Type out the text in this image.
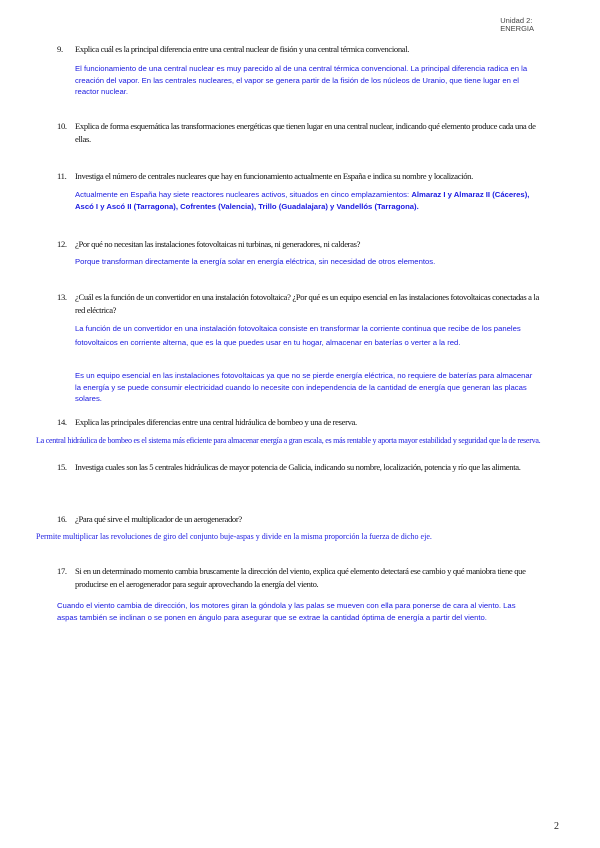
Unidad 2:
ENERGIA
9. Explica cuál es la principal diferencia entre una central nuclear de fisión y una central térmica convencional.
El funcionamiento de una central nuclear es muy parecido al de una central térmica convencional. La principal diferencia radica en la creación del vapor. En las centrales nucleares, el vapor se genera partir de la fisión de los núcleos de Uranio, que tiene lugar en el reactor nuclear.
10. Explica de forma esquemática las transformaciones energéticas que tienen lugar en una central nuclear, indicando qué elemento produce cada una de ellas.
11. Investiga el número de centrales nucleares que hay en funcionamiento actualmente en España e indica su nombre y localización.
Actualmente en España hay siete reactores nucleares activos, situados en cinco emplazamientos: Almaraz I y Almaraz II (Cáceres), Ascó I y Ascó II (Tarragona), Cofrentes (Valencia), Trillo (Guadalajara) y Vandellós (Tarragona).
12. ¿Por qué no necesitan las instalaciones fotovoltaicas ni turbinas, ni generadores, ni calderas?
Porque transforman directamente la energía solar en energía eléctrica, sin necesidad de otros elementos.
13. ¿Cuál es la función de un convertidor en una instalación fotovoltaica? ¿Por qué es un equipo esencial en las instalaciones fotovoltaicas conectadas a la red eléctrica?
La función de un convertidor en una instalación fotovoltaica consiste en transformar la corriente continua que recibe de los paneles fotovoltaicos en corriente alterna, que es la que puedes usar en tu hogar, almacenar en baterías o verter a la red.
Es un equipo esencial en las instalaciones fotovoltaicas ya que no se pierde energía eléctrica, no requiere de baterías para almacenar la energía y se puede consumir electricidad cuando lo necesite con independencia de la cantidad de energía que generan las placas solares.
14. Explica las principales diferencias entre una central hidráulica de bombeo y una de reserva.
La central hidráulica de bombeo es el sistema más eficiente para almacenar energía a gran escala, es más rentable y aporta mayor estabilidad y seguridad que la de reserva.
15. Investiga cuales son las 5 centrales hidráulicas de mayor potencia de Galicia, indicando su nombre, localización, potencia y río que las alimenta.
16. ¿Para qué sirve el multiplicador de un aerogenerador?
Permite multiplicar las revoluciones de giro del conjunto buje-aspas y divide en la misma proporción la fuerza de dicho eje.
17. Si en un determinado momento cambia bruscamente la dirección del viento, explica qué elemento detectará ese cambio y qué maniobra tiene que producirse en el aerogenerador para seguir aprovechando la energía del viento.
Cuando el viento cambia de dirección, los motores giran la góndola y las palas se mueven con ella para ponerse de cara al viento. Las aspas también se inclinan o se ponen en ángulo para asegurar que se extrae la cantidad óptima de energía a partir del viento.
2
